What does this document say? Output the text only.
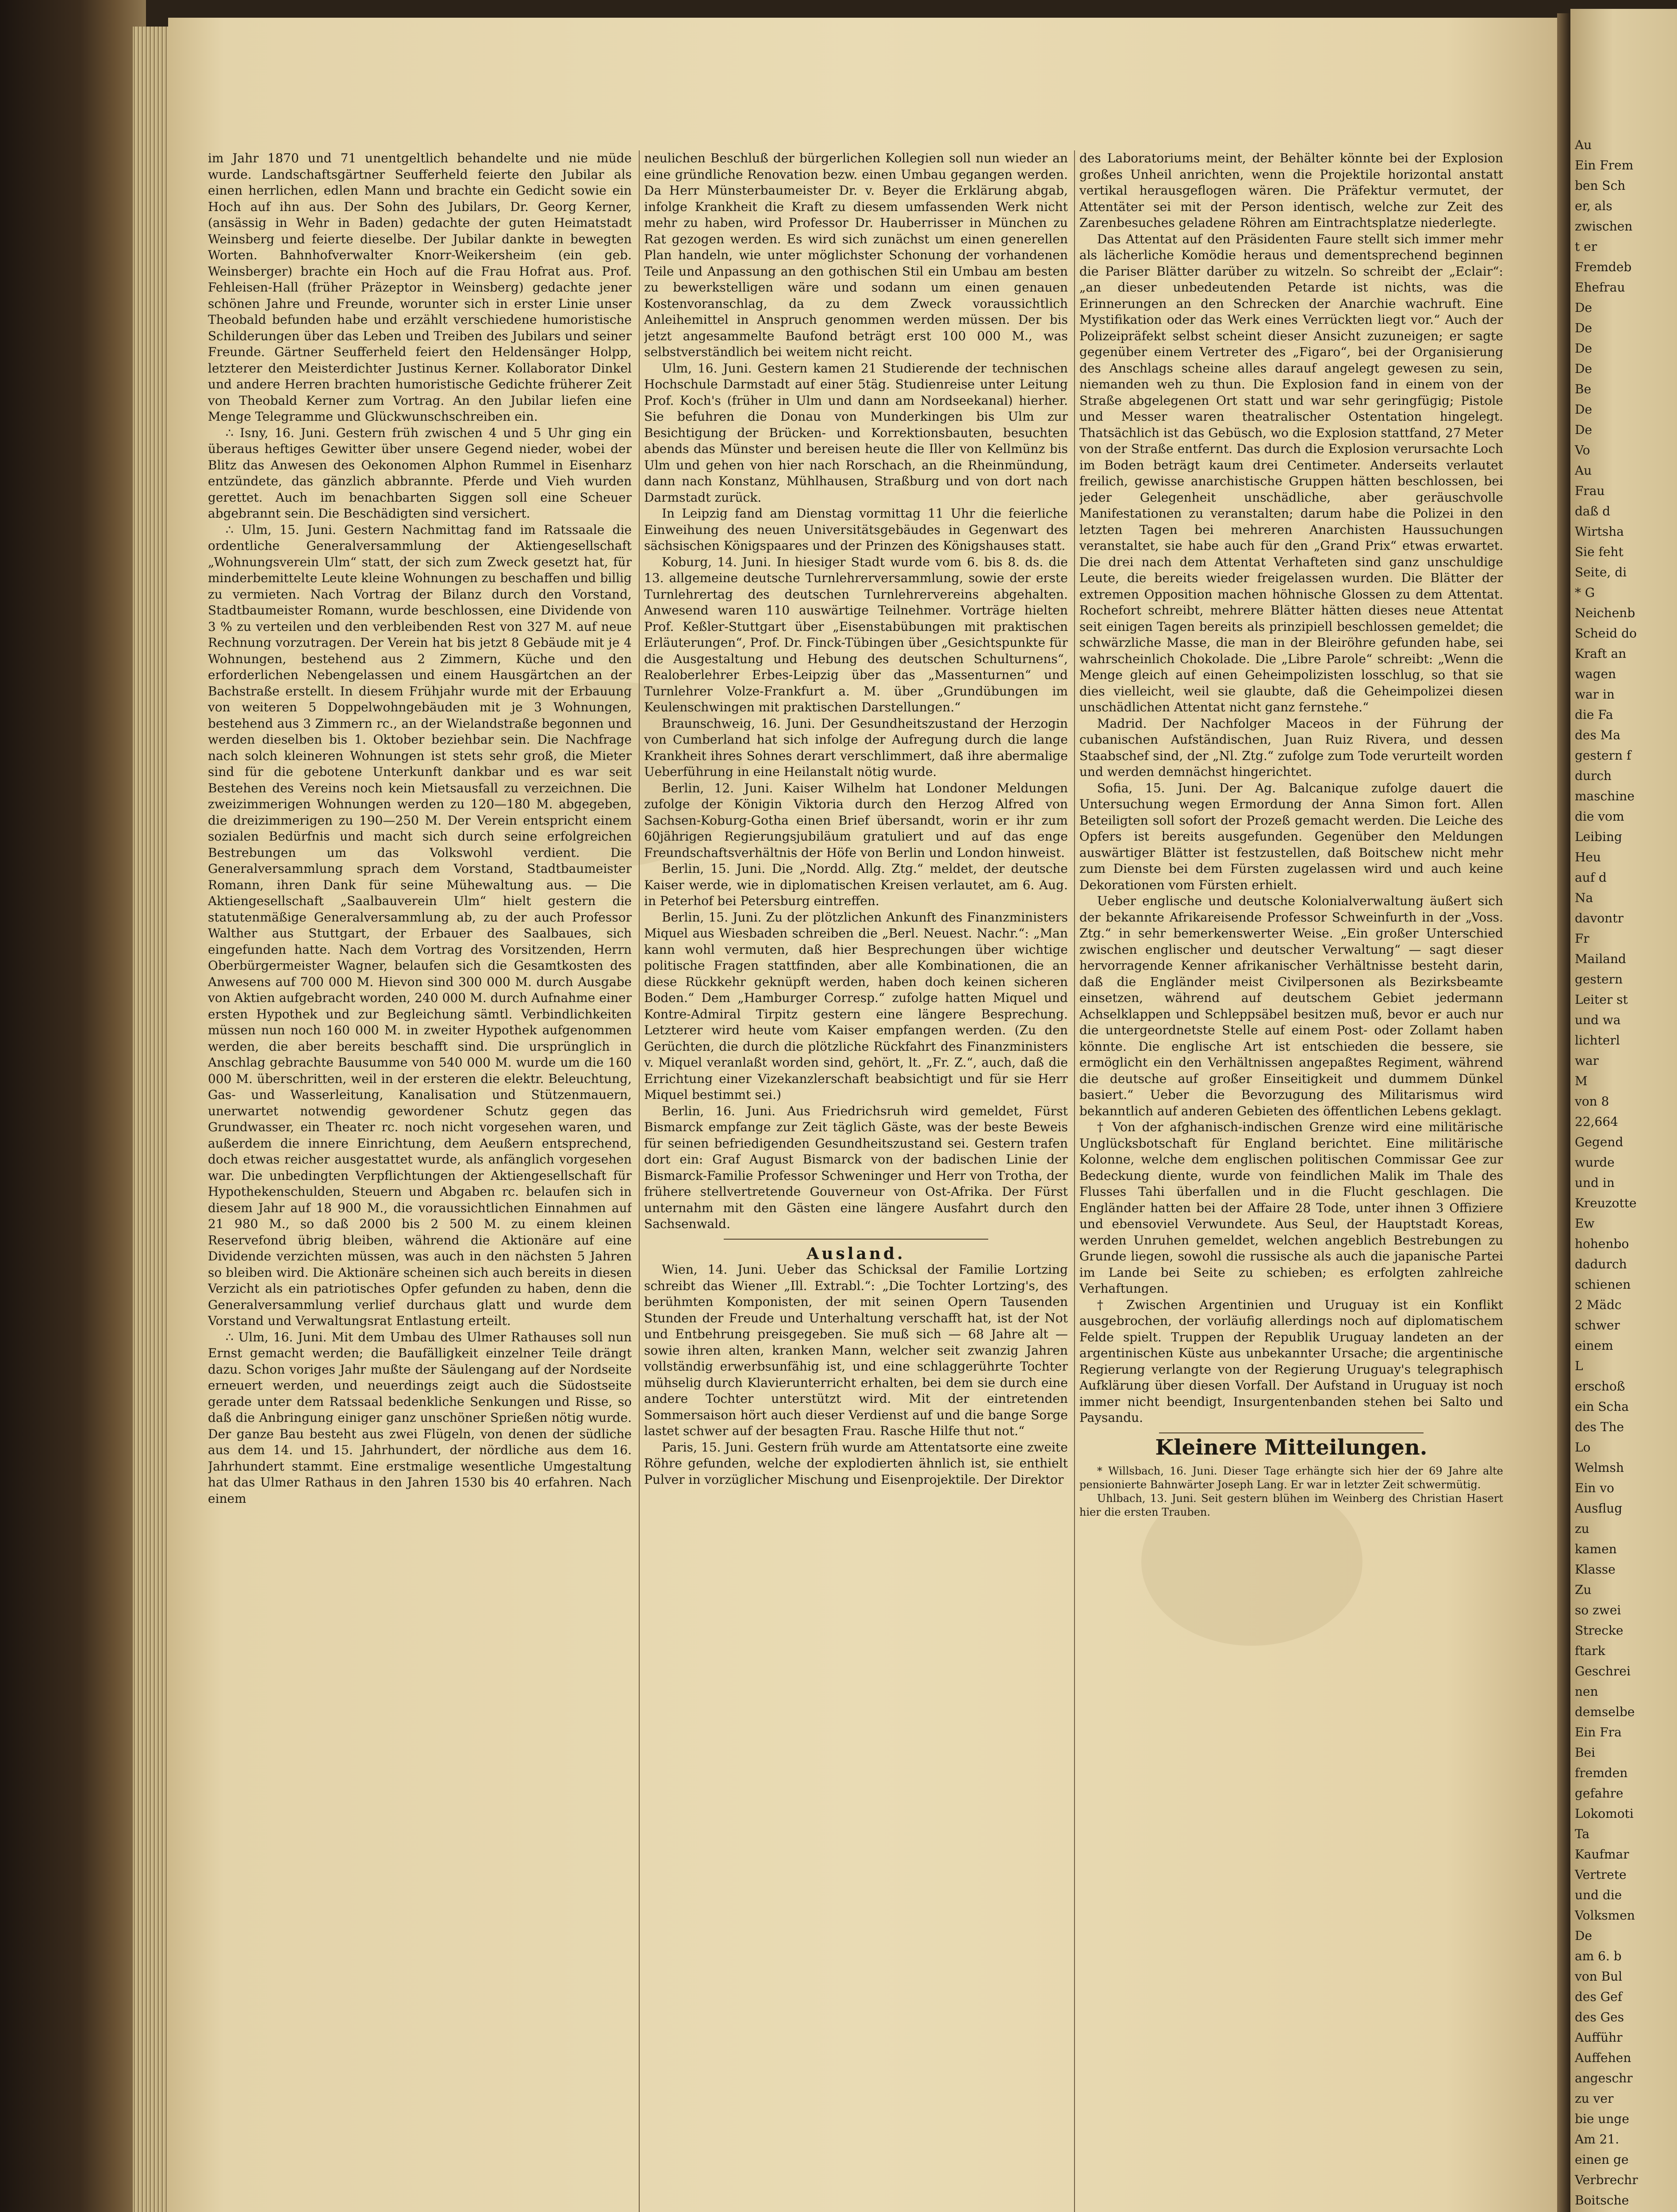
im Jahr 1870 und 71 unentgeltlich behandelte und nie müde wurde. Landschaftsgärtner Seufferheld feierte den Jubilar als einen herrlichen, edlen Mann und brachte ein Gedicht sowie ein Hoch auf ihn aus. Der Sohn des Jubilars, Dr. Georg Kerner, (ansässig in Wehr in Baden) gedachte der guten Heimatstadt Weinsberg und feierte dieselbe. Der Jubilar dankte in bewegten Worten. Bahnhofverwalter Knorr-Weikersheim (ein geb. Weinsberger) brachte ein Hoch auf die Frau Hofrat aus. Prof. Fehleisen-Hall (früher Präzeptor in Weinsberg) gedachte jener schönen Jahre und Freunde, worunter sich in erster Linie unser Theobald befunden habe und erzählt verschiedene humoristische Schilderungen über das Leben und Treiben des Jubilars und seiner Freunde. Gärtner Seufferheld feiert den Heldensänger Holpp, letzterer den Meisterdichter Justinus Kerner. Kollaborator Dinkel und andere Herren brachten humoristische Gedichte früherer Zeit von Theobald Kerner zum Vortrag. An den Jubilar liefen eine Menge Telegramme und Glückwunschschreiben ein.

∴ Isny, 16. Juni. Gestern früh zwischen 4 und 5 Uhr ging ein überaus heftiges Gewitter über unsere Gegend nieder, wobei der Blitz das Anwesen des Oekonomen Alphon Rummel in Eisenharz entzündete, das gänzlich abbrannte. Pferde und Vieh wurden gerettet. Auch im benachbarten Siggen soll eine Scheuer abgebrannt sein. Die Beschädigten sind versichert.

∴ Ulm, 15. Juni. Gestern Nachmittag fand im Ratssaale die ordentliche Generalversammlung der Aktiengesellschaft „Wohnungsverein Ulm“ statt, der sich zum Zweck gesetzt hat, für minderbemittelte Leute kleine Wohnungen zu beschaffen und billig zu vermieten. Nach Vortrag der Bilanz durch den Vorstand, Stadtbaumeister Romann, wurde beschlossen, eine Dividende von 3 % zu verteilen und den verbleibenden Rest von 327 M. auf neue Rechnung vorzutragen. Der Verein hat bis jetzt 8 Gebäude mit je 4 Wohnungen, bestehend aus 2 Zimmern, Küche und den erforderlichen Nebengelassen und einem Hausgärtchen an der Bachstraße erstellt. In diesem Frühjahr wurde mit der Erbauung von weiteren 5 Doppelwohngebäuden mit je 3 Wohnungen, bestehend aus 3 Zimmern rc., an der Wielandstraße begonnen und werden dieselben bis 1. Oktober beziehbar sein. Die Nachfrage nach solch kleineren Wohnungen ist stets sehr groß, die Mieter sind für die gebotene Unterkunft dankbar und es war seit Bestehen des Vereins noch kein Mietsausfall zu verzeichnen. Die zweizimmerigen Wohnungen werden zu 120—180 M. abgegeben, die dreizimmerigen zu 190—250 M. Der Verein entspricht einem sozialen Bedürfnis und macht sich durch seine erfolgreichen Bestrebungen um das Volkswohl verdient. Die Generalversammlung sprach dem Vorstand, Stadtbaumeister Romann, ihren Dank für seine Mühewaltung aus. — Die Aktiengesellschaft „Saalbauverein Ulm“ hielt gestern die statutenmäßige Generalversammlung ab, zu der auch Professor Walther aus Stuttgart, der Erbauer des Saalbaues, sich eingefunden hatte. Nach dem Vortrag des Vorsitzenden, Herrn Oberbürgermeister Wagner, belaufen sich die Gesamtkosten des Anwesens auf 700 000 M. Hievon sind 300 000 M. durch Ausgabe von Aktien aufgebracht worden, 240 000 M. durch Aufnahme einer ersten Hypothek und zur Begleichung sämtl. Verbindlichkeiten müssen nun noch 160 000 M. in zweiter Hypothek aufgenommen werden, die aber bereits beschafft sind. Die ursprünglich in Anschlag gebrachte Bausumme von 540 000 M. wurde um die 160 000 M. überschritten, weil in der ersteren die elektr. Beleuchtung, Gas- und Wasserleitung, Kanalisation und Stützenmauern, unerwartet notwendig gewordener Schutz gegen das Grundwasser, ein Theater rc. noch nicht vorgesehen waren, und außerdem die innere Einrichtung, dem Aeußern entsprechend, doch etwas reicher ausgestattet wurde, als anfänglich vorgesehen war. Die unbedingten Verpflichtungen der Aktiengesellschaft für Hypothekenschulden, Steuern und Abgaben rc. belaufen sich in diesem Jahr auf 18 900 M., die voraussichtlichen Einnahmen auf 21 980 M., so daß 2000 bis 2 500 M. zu einem kleinen Reservefond übrig bleiben, während die Aktionäre auf eine Dividende verzichten müssen, was auch in den nächsten 5 Jahren so bleiben wird. Die Aktionäre scheinen sich auch bereits in diesen Verzicht als ein patriotisches Opfer gefunden zu haben, denn die Generalversammlung verlief durchaus glatt und wurde dem Vorstand und Verwaltungsrat Entlastung erteilt.

∴ Ulm, 16. Juni. Mit dem Umbau des Ulmer Rathauses soll nun Ernst gemacht werden; die Baufälligkeit einzelner Teile drängt dazu. Schon voriges Jahr mußte der Säulengang auf der Nordseite erneuert werden, und neuerdings zeigt auch die Südostseite gerade unter dem Ratssaal bedenkliche Senkungen und Risse, so daß die Anbringung einiger ganz unschöner Sprießen nötig wurde. Der ganze Bau besteht aus zwei Flügeln, von denen der südliche aus dem 14. und 15. Jahrhundert, der nördliche aus dem 16. Jahrhundert stammt. Eine erstmalige wesentliche Umgestaltung hat das Ulmer Rathaus in den Jahren 1530 bis 40 erfahren. Nach einem

neulichen Beschluß der bürgerlichen Kollegien soll nun wieder an eine gründliche Renovation bezw. einen Umbau gegangen werden. Da Herr Münsterbaumeister Dr. v. Beyer die Erklärung abgab, infolge Krankheit die Kraft zu diesem umfassenden Werk nicht mehr zu haben, wird Professor Dr. Hauberrisser in München zu Rat gezogen werden. Es wird sich zunächst um einen generellen Plan handeln, wie unter möglichster Schonung der vorhandenen Teile und Anpassung an den gothischen Stil ein Umbau am besten zu bewerkstelligen wäre und sodann um einen genauen Kostenvoranschlag, da zu dem Zweck voraussichtlich Anleihemittel in Anspruch genommen werden müssen. Der bis jetzt angesammelte Baufond beträgt erst 100 000 M., was selbstverständlich bei weitem nicht reicht.

Ulm, 16. Juni. Gestern kamen 21 Studierende der technischen Hochschule Darmstadt auf einer 5täg. Studienreise unter Leitung Prof. Koch's (früher in Ulm und dann am Nordseekanal) hierher. Sie befuhren die Donau von Munderkingen bis Ulm zur Besichtigung der Brücken- und Korrektionsbauten, besuchten abends das Münster und bereisen heute die Iller von Kellmünz bis Ulm und gehen von hier nach Rorschach, an die Rheinmündung, dann nach Konstanz, Mühlhausen, Straßburg und von dort nach Darmstadt zurück.

In Leipzig fand am Dienstag vormittag 11 Uhr die feierliche Einweihung des neuen Universitätsgebäudes in Gegenwart des sächsischen Königspaares und der Prinzen des Königshauses statt.

Koburg, 14. Juni. In hiesiger Stadt wurde vom 6. bis 8. ds. die 13. allgemeine deutsche Turnlehrerversammlung, sowie der erste Turnlehrertag des deutschen Turnlehrervereins abgehalten. Anwesend waren 110 auswärtige Teilnehmer. Vorträge hielten Prof. Keßler-Stuttgart über „Eisenstabübungen mit praktischen Erläuterungen“, Prof. Dr. Finck-Tübingen über „Gesichtspunkte für die Ausgestaltung und Hebung des deutschen Schulturnens“, Realoberlehrer Erbes-Leipzig über das „Massenturnen“ und Turnlehrer Volze-Frankfurt a. M. über „Grundübungen im Keulenschwingen mit praktischen Darstellungen.“

Braunschweig, 16. Juni. Der Gesundheitszustand der Herzogin von Cumberland hat sich infolge der Aufregung durch die lange Krankheit ihres Sohnes derart verschlimmert, daß ihre abermalige Ueberführung in eine Heilanstalt nötig wurde.

Berlin, 12. Juni. Kaiser Wilhelm hat Londoner Meldungen zufolge der Königin Viktoria durch den Herzog Alfred von Sachsen-Koburg-Gotha einen Brief übersandt, worin er ihr zum 60jährigen Regierungsjubiläum gratuliert und auf das enge Freundschaftsverhältnis der Höfe von Berlin und London hinweist.

Berlin, 15. Juni. Die „Nordd. Allg. Ztg.“ meldet, der deutsche Kaiser werde, wie in diplomatischen Kreisen verlautet, am 6. Aug. in Peterhof bei Petersburg eintreffen.

Berlin, 15. Juni. Zu der plötzlichen Ankunft des Finanzministers Miquel aus Wiesbaden schreiben die „Berl. Neuest. Nachr.“: „Man kann wohl vermuten, daß hier Besprechungen über wichtige politische Fragen stattfinden, aber alle Kombinationen, die an diese Rückkehr geknüpft werden, haben doch keinen sicheren Boden.“ Dem „Hamburger Corresp.“ zufolge hatten Miquel und Kontre-Admiral Tirpitz gestern eine längere Besprechung. Letzterer wird heute vom Kaiser empfangen werden. (Zu den Gerüchten, die durch die plötzliche Rückfahrt des Finanzministers v. Miquel veranlaßt worden sind, gehört, lt. „Fr. Z.“, auch, daß die Errichtung einer Vizekanzlerschaft beabsichtigt und für sie Herr Miquel bestimmt sei.)

Berlin, 16. Juni. Aus Friedrichsruh wird gemeldet, Fürst Bismarck empfange zur Zeit täglich Gäste, was der beste Beweis für seinen befriedigenden Gesundheitszustand sei. Gestern trafen dort ein: Graf August Bismarck von der badischen Linie der Bismarck-Familie Professor Schweninger und Herr von Trotha, der frühere stellvertretende Gouverneur von Ost-Afrika. Der Fürst unternahm mit den Gästen eine längere Ausfahrt durch den Sachsenwald.

Ausland.

Wien, 14. Juni. Ueber das Schicksal der Familie Lortzing schreibt das Wiener „Ill. Extrabl.“: „Die Tochter Lortzing's, des berühmten Komponisten, der mit seinen Opern Tausenden Stunden der Freude und Unterhaltung verschafft hat, ist der Not und Entbehrung preisgegeben. Sie muß sich — 68 Jahre alt — sowie ihren alten, kranken Mann, welcher seit zwanzig Jahren vollständig erwerbsunfähig ist, und eine schlaggerührte Tochter mühselig durch Klavierunterricht erhalten, bei dem sie durch eine andere Tochter unterstützt wird. Mit der eintretenden Sommersaison hört auch dieser Verdienst auf und die bange Sorge lastet schwer auf der besagten Frau. Rasche Hilfe thut not.“

Paris, 15. Juni. Gestern früh wurde am Attentatsorte eine zweite Röhre gefunden, welche der explodierten ähnlich ist, sie enthielt Pulver in vorzüglicher Mischung und Eisenprojektile. Der Direktor

des Laboratoriums meint, der Behälter könnte bei der Explosion großes Unheil anrichten, wenn die Projektile horizontal anstatt vertikal herausgeflogen wären. Die Präfektur vermutet, der Attentäter sei mit der Person identisch, welche zur Zeit des Zarenbesuches geladene Röhren am Eintrachtsplatze niederlegte.

Das Attentat auf den Präsidenten Faure stellt sich immer mehr als lächerliche Komödie heraus und dementsprechend beginnen die Pariser Blätter darüber zu witzeln. So schreibt der „Eclair“: „an dieser unbedeutenden Petarde ist nichts, was die Erinnerungen an den Schrecken der Anarchie wachruft. Eine Mystifikation oder das Werk eines Verrückten liegt vor.“ Auch der Polizeipräfekt selbst scheint dieser Ansicht zuzuneigen; er sagte gegenüber einem Vertreter des „Figaro“, bei der Organisierung des Anschlags scheine alles darauf angelegt gewesen zu sein, niemanden weh zu thun. Die Explosion fand in einem von der Straße abgelegenen Ort statt und war sehr geringfügig; Pistole und Messer waren theatralischer Ostentation hingelegt. Thatsächlich ist das Gebüsch, wo die Explosion stattfand, 27 Meter von der Straße entfernt. Das durch die Explosion verursachte Loch im Boden beträgt kaum drei Centimeter. Anderseits verlautet freilich, gewisse anarchistische Gruppen hätten beschlossen, bei jeder Gelegenheit unschädliche, aber geräuschvolle Manifestationen zu veranstalten; darum habe die Polizei in den letzten Tagen bei mehreren Anarchisten Haussuchungen veranstaltet, sie habe auch für den „Grand Prix“ etwas erwartet. Die drei nach dem Attentat Verhafteten sind ganz unschuldige Leute, die bereits wieder freigelassen wurden. Die Blätter der extremen Opposition machen höhnische Glossen zu dem Attentat. Rochefort schreibt, mehrere Blätter hätten dieses neue Attentat seit einigen Tagen bereits als prinzipiell beschlossen gemeldet; die schwärzliche Masse, die man in der Bleiröhre gefunden habe, sei wahrscheinlich Chokolade. Die „Libre Parole“ schreibt: „Wenn die Menge gleich auf einen Geheimpolizisten losschlug, so that sie dies vielleicht, weil sie glaubte, daß die Geheimpolizei diesen unschädlichen Attentat nicht ganz fernstehe.“

Madrid. Der Nachfolger Maceos in der Führung der cubanischen Aufständischen, Juan Ruiz Rivera, und dessen Staabschef sind, der „Nl. Ztg.“ zufolge zum Tode verurteilt worden und werden demnächst hingerichtet.

Sofia, 15. Juni. Der Ag. Balcanique zufolge dauert die Untersuchung wegen Ermordung der Anna Simon fort. Allen Beteiligten soll sofort der Prozeß gemacht werden. Die Leiche des Opfers ist bereits ausgefunden. Gegenüber den Meldungen auswärtiger Blätter ist festzustellen, daß Boitschew nicht mehr zum Dienste bei dem Fürsten zugelassen wird und auch keine Dekorationen vom Fürsten erhielt.

Ueber englische und deutsche Kolonialverwaltung äußert sich der bekannte Afrikareisende Professor Schweinfurth in der „Voss. Ztg.“ in sehr bemerkenswerter Weise. „Ein großer Unterschied zwischen englischer und deutscher Verwaltung“ — sagt dieser hervorragende Kenner afrikanischer Verhältnisse besteht darin, daß die Engländer meist Civilpersonen als Bezirksbeamte einsetzen, während auf deutschem Gebiet jedermann Achselklappen und Schleppsäbel besitzen muß, bevor er auch nur die untergeordnetste Stelle auf einem Post- oder Zollamt haben könnte. Die englische Art ist entschieden die bessere, sie ermöglicht ein den Verhältnissen angepaßtes Regiment, während die deutsche auf großer Einseitigkeit und dummem Dünkel basiert.“ Ueber die Bevorzugung des Militarismus wird bekanntlich auf anderen Gebieten des öffentlichen Lebens geklagt.

† Von der afghanisch-indischen Grenze wird eine militärische Unglücksbotschaft für England berichtet. Eine militärische Kolonne, welche dem englischen politischen Commissar Gee zur Bedeckung diente, wurde von feindlichen Malik im Thale des Flusses Tahi überfallen und in die Flucht geschlagen. Die Engländer hatten bei der Affaire 28 Tode, unter ihnen 3 Offiziere und ebensoviel Verwundete. Aus Seul, der Hauptstadt Koreas, werden Unruhen gemeldet, welchen angeblich Bestrebungen zu Grunde liegen, sowohl die russische als auch die japanische Partei im Lande bei Seite zu schieben; es erfolgten zahlreiche Verhaftungen.

† Zwischen Argentinien und Uruguay ist ein Konflikt ausgebrochen, der vorläufig allerdings noch auf diplomatischem Felde spielt. Truppen der Republik Uruguay landeten an der argentinischen Küste aus unbekannter Ursache; die argentinische Regierung verlangte von der Regierung Uruguay's telegraphisch Aufklärung über diesen Vorfall. Der Aufstand in Uruguay ist noch immer nicht beendigt, Insurgentenbanden stehen bei Salto und Paysandu.

Kleinere Mitteilungen.

* Willsbach, 16. Juni. Dieser Tage erhängte sich hier der 69 Jahre alte pensionierte Bahnwärter Joseph Lang. Er war in letzter Zeit schwermütig.

Uhlbach, 13. Juni. Seit gestern blühen im Weinberg des Christian Hasert hier die ersten Trauben.

Au
Ein Frem
ben Sch
er, als
zwischen
t er
Fremdeb
Ehefrau
De
De
De
De
Be
De
De
Vo
Au
Frau
daß d
Wirtsha
Sie feht
Seite, di
* G
Neichenb
Scheid do
Kraft an
wagen
war in
die Fa
des Ma
gestern f
durch
maschine
die vom
Leibing
Heu
auf d
Na
davontr
Fr
Mailand
gestern
Leiter st
und wa
lichterl
war
M
von 8
22,664
Gegend
wurde
und in
Kreuzotte
Ew
hohenbo
dadurch
schienen
2 Mädc
schwer
einem
L
erschoß
ein Scha
des The
Lo
Welmsh
Ein vo
Ausflug
zu
kamen
Klasse
Zu
so zwei
Strecke
ftark
Geschrei
nen
demselbe
Ein Fra
Bei
fremden
gefahre
Lokomoti
Ta
Kaufmar
Vertrete
und die
Volksmen
De
am 6. b
von Bul
des Gef
des Ges
Aufführ
Auffehen
angeschr
zu ver
bie unge
Am 21.
einen ge
Verbrechr
Boitsche
